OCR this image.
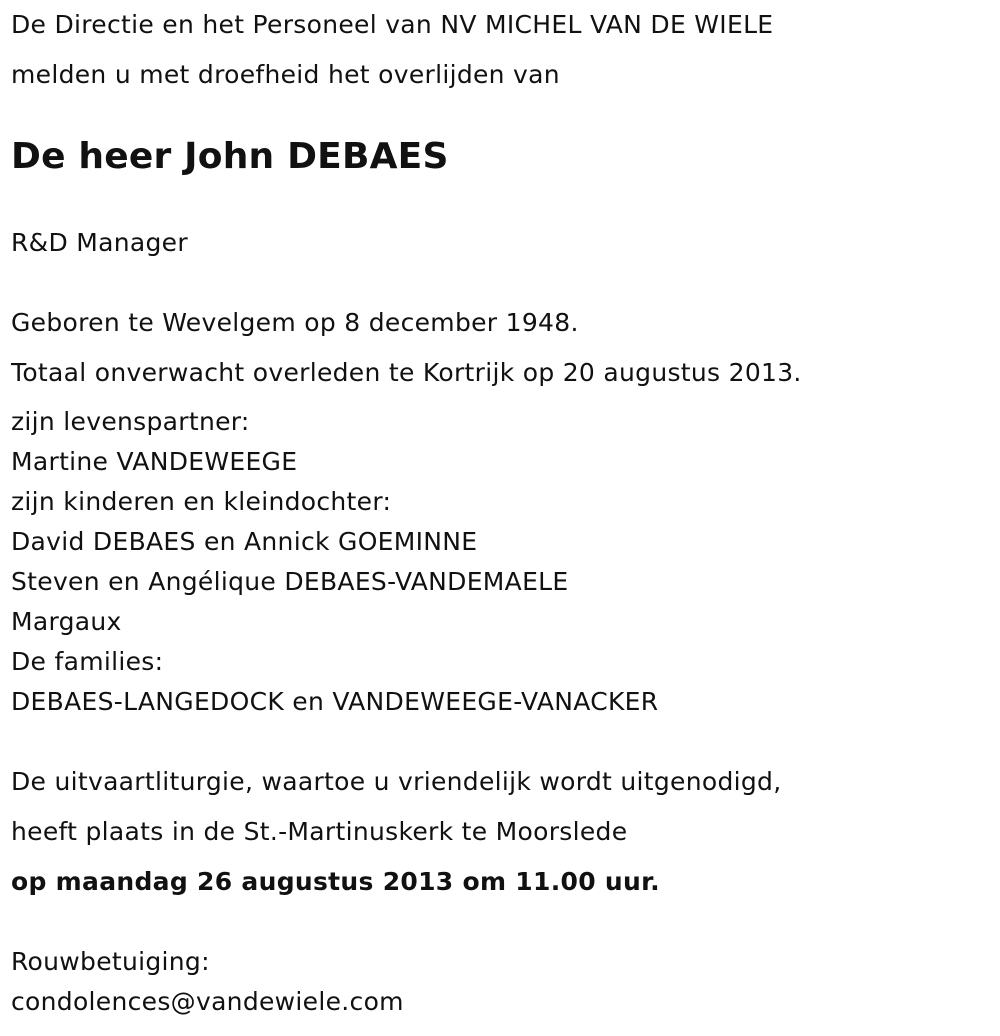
De Directie en het Personeel van NV MICHEL VAN DE WIELE
melden u met droefheid het overlijden van
De heer John DEBAES
R&D Manager
Geboren te Wevelgem op 8 december 1948.
Totaal onverwacht overleden te Kortrijk op 20 augustus 2013.
zijn levenspartner:
Martine VANDEWEEGE
zijn kinderen en kleindochter:
David DEBAES en Annick GOEMINNE
Steven en Angélique DEBAES-VANDEMAELE
Margaux
De families:
DEBAES-LANGEDOCK en VANDEWEEGE-VANACKER
De uitvaartliturgie, waartoe u vriendelijk wordt uitgenodigd,
heeft plaats in de St.-Martinuskerk te Moorslede
op maandag 26 augustus 2013 om 11.00 uur.
Rouwbetuiging:
condolences@vandewiele.com
